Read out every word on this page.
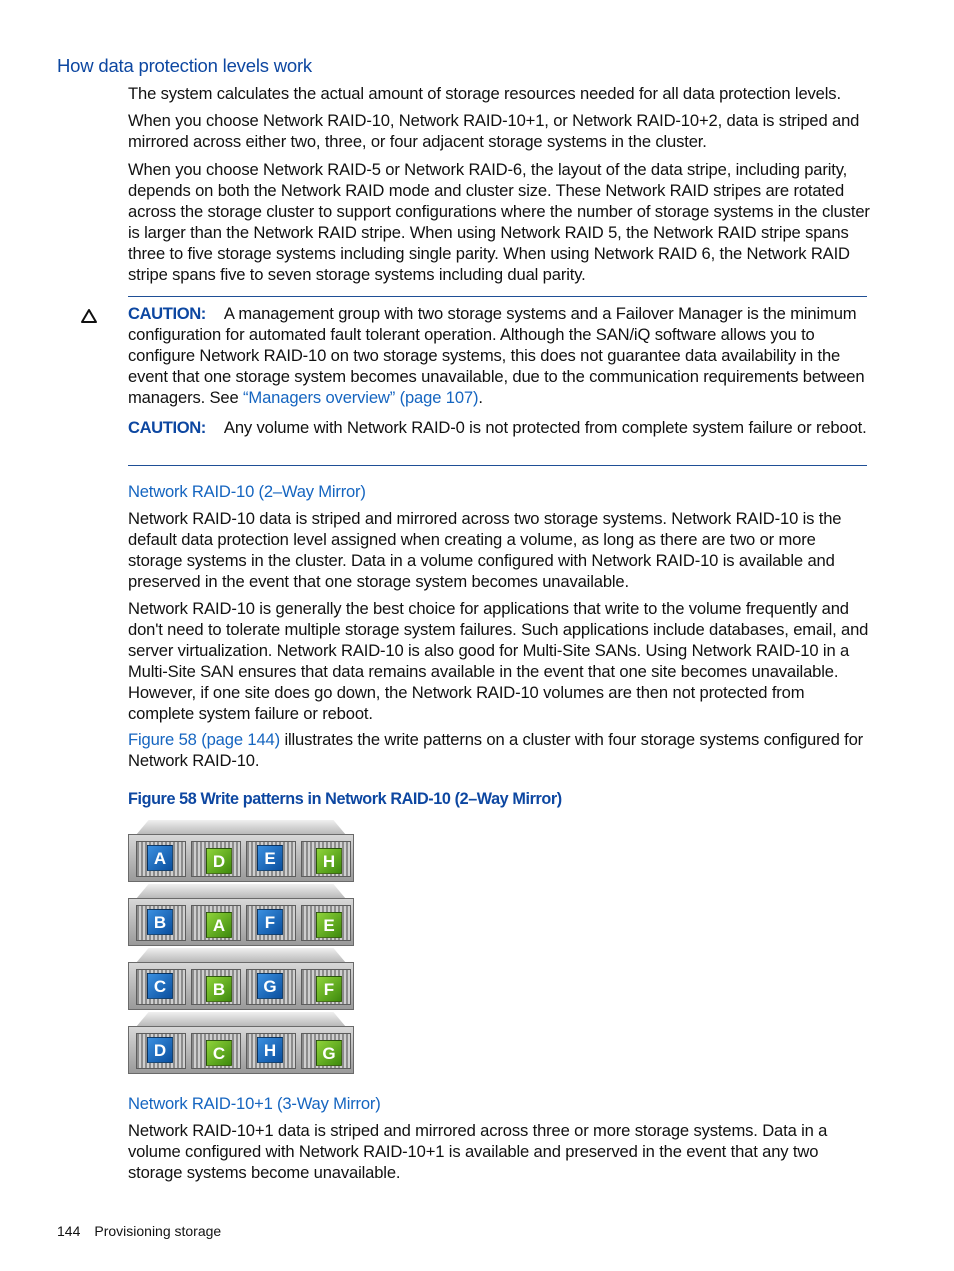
How data protection levels work

The system calculates the actual amount of storage resources needed for all data protection levels.

When you choose Network RAID-10, Network RAID-10+1, or Network RAID-10+2, data is striped and mirrored across either two, three, or four adjacent storage systems in the cluster.

When you choose Network RAID-5 or Network RAID-6, the layout of the data stripe, including parity, depends on both the Network RAID mode and cluster size. These Network RAID stripes are rotated across the storage cluster to support configurations where the number of storage systems in the cluster is larger than the Network RAID stripe. When using Network RAID 5, the Network RAID stripe spans three to five storage systems including single parity. When using Network RAID 6, the Network RAID stripe spans five to seven storage systems including dual parity.

CAUTION: A management group with two storage systems and a Failover Manager is the minimum configuration for automated fault tolerant operation. Although the SAN/iQ software allows you to configure Network RAID-10 on two storage systems, this does not guarantee data availability in the event that one storage system becomes unavailable, due to the communication requirements between managers. See “Managers overview” (page 107).

CAUTION: Any volume with Network RAID-0 is not protected from complete system failure or reboot.

Network RAID-10 (2–Way Mirror)

Network RAID-10 data is striped and mirrored across two storage systems. Network RAID-10 is the default data protection level assigned when creating a volume, as long as there are two or more storage systems in the cluster. Data in a volume configured with Network RAID-10 is available and preserved in the event that one storage system becomes unavailable.

Network RAID-10 is generally the best choice for applications that write to the volume frequently and don't need to tolerate multiple storage system failures. Such applications include databases, email, and server virtualization. Network RAID-10 is also good for Multi-Site SANs. Using Network RAID-10 in a Multi-Site SAN ensures that data remains available in the event that one site becomes unavailable. However, if one site does go down, the Network RAID-10 volumes are then not protected from complete system failure or reboot.

Figure 58 (page 144) illustrates the write patterns on a cluster with four storage systems configured for Network RAID-10.

Figure 58 Write patterns in Network RAID-10 (2–Way Mirror)
A	D	E	H
B	A	F	E
C	B	G	F
D	C	H	G
Network RAID-10+1 (3-Way Mirror)

Network RAID-10+1 data is striped and mirrored across three or more storage systems. Data in a volume configured with Network RAID-10+1 is available and preserved in the event that any two storage systems become unavailable.

144 Provisioning storage
